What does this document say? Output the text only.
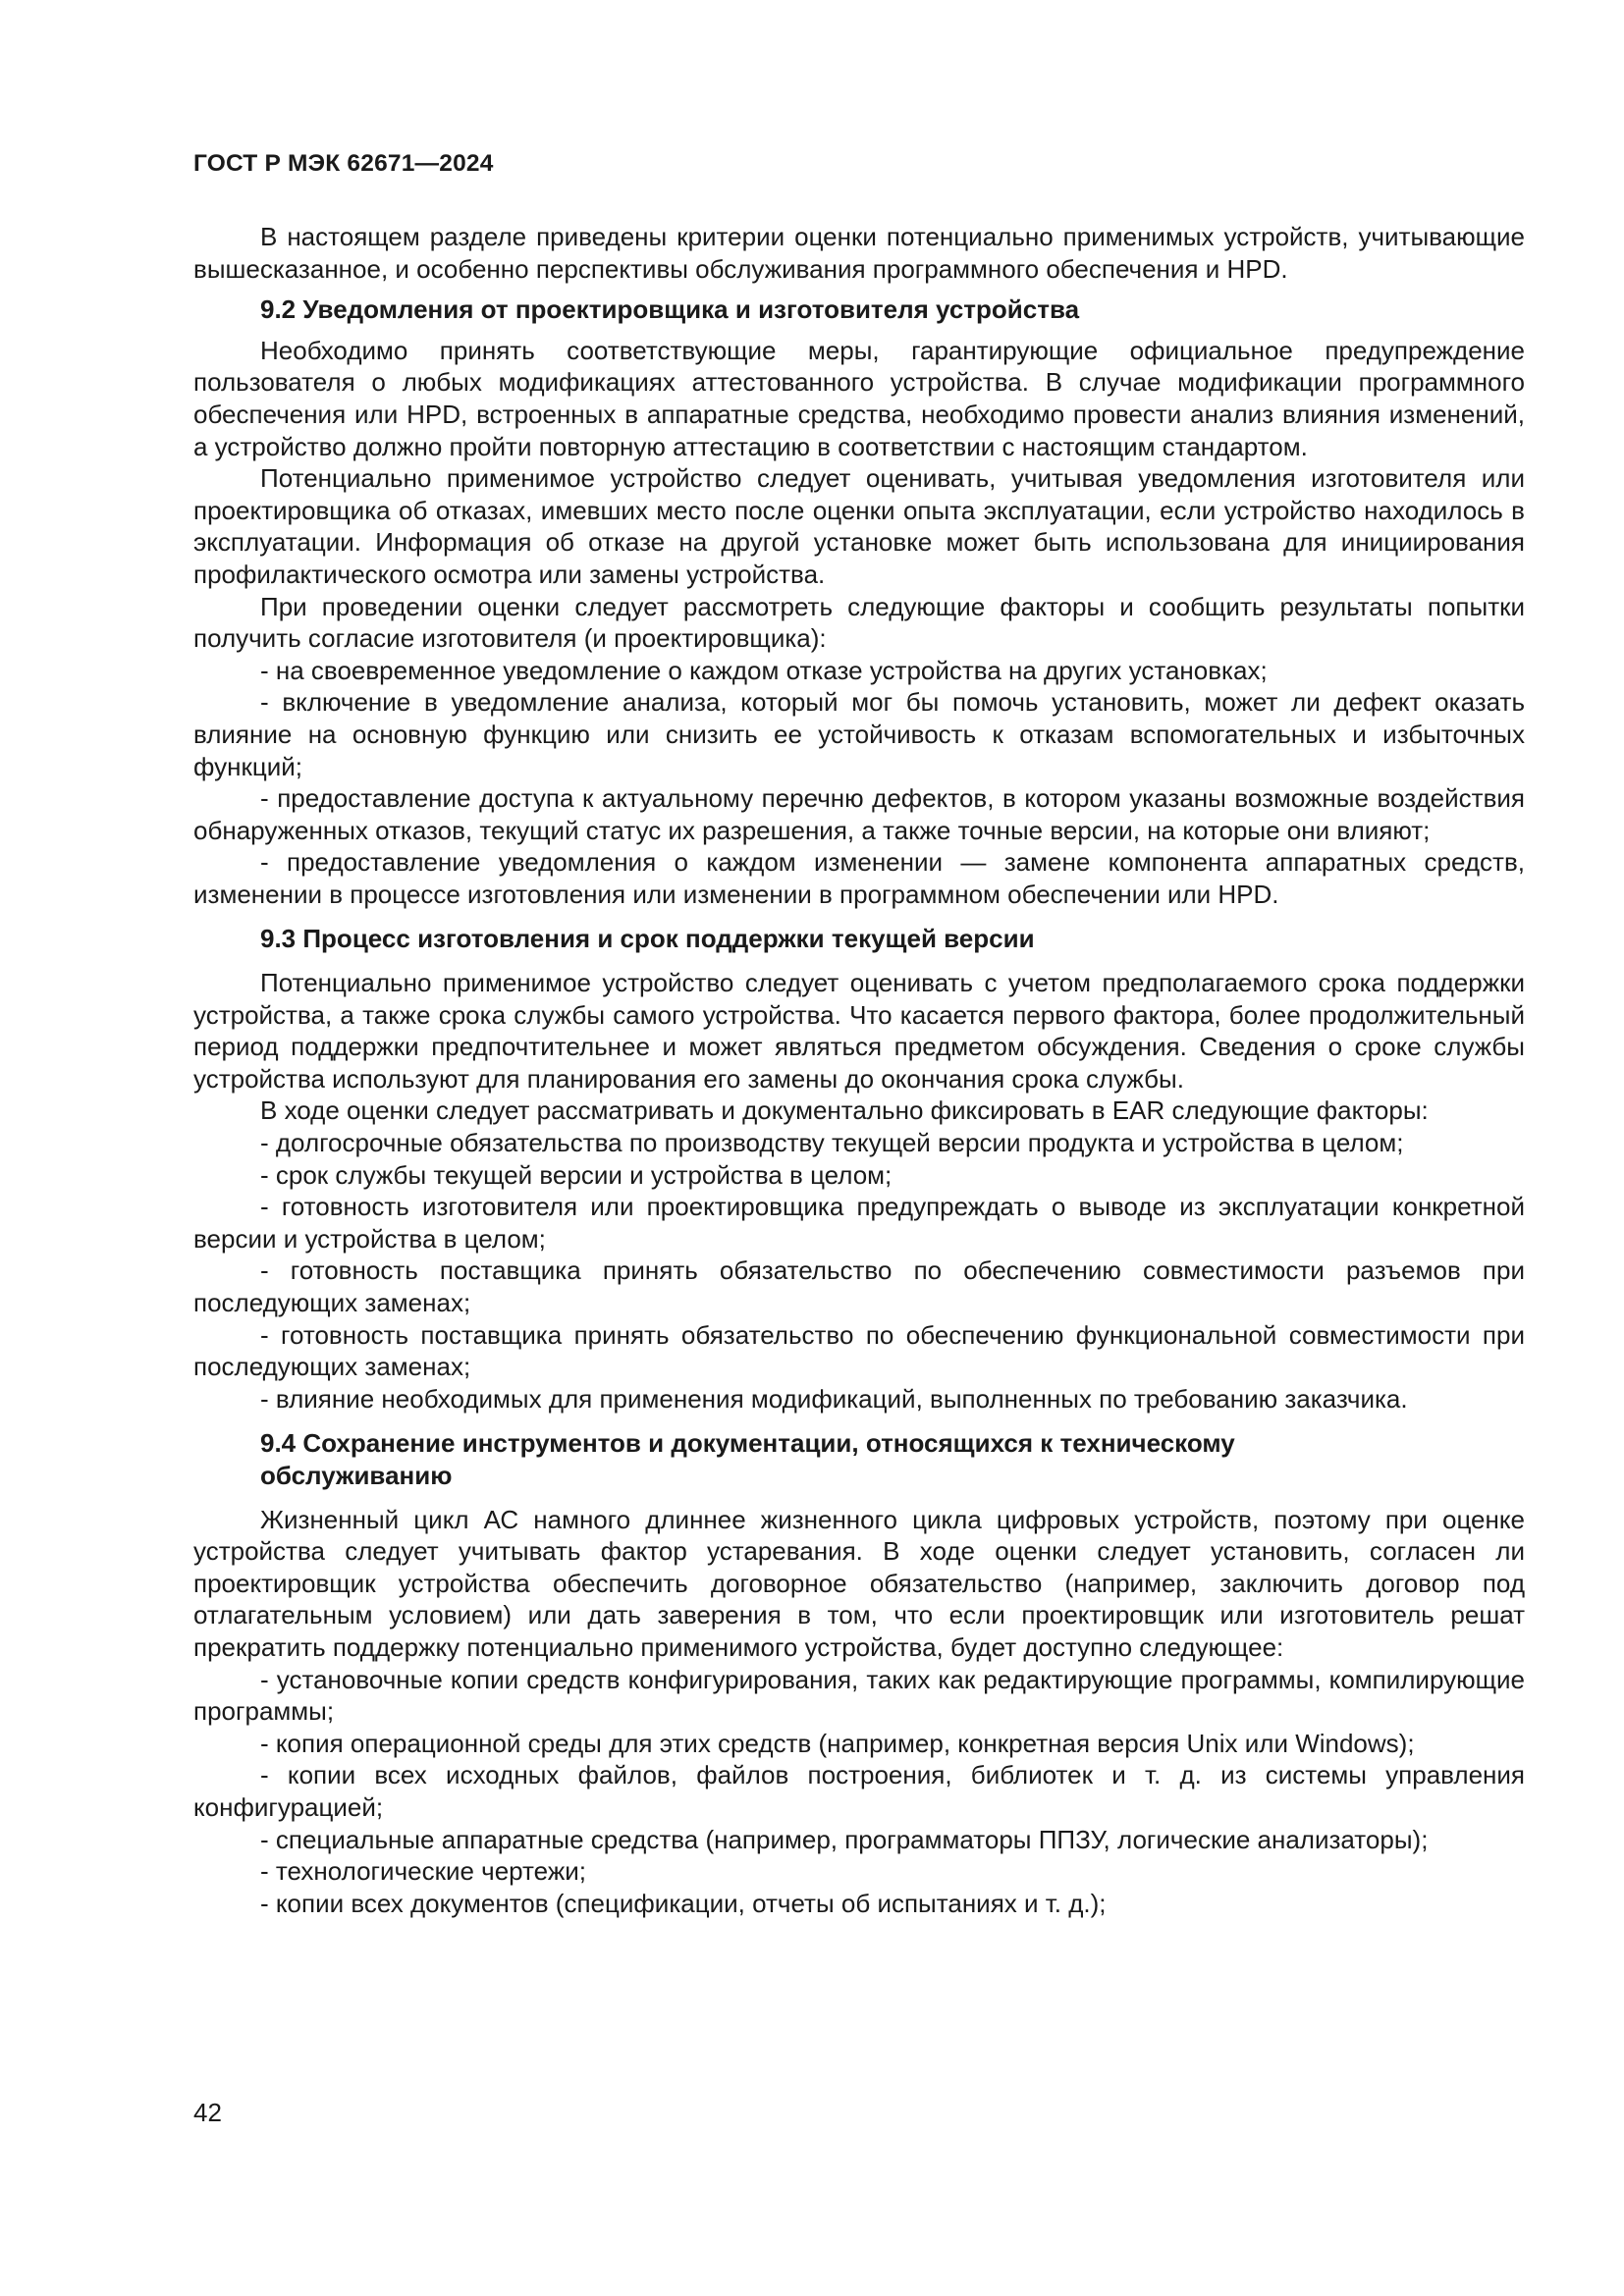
ГОСТ Р МЭК 62671—2024

В настоящем разделе приведены критерии оценки потенциально применимых устройств, учитывающие вышесказанное, и особенно перспективы обслуживания программного обеспечения и HPD.

9.2 Уведомления от проектировщика и изготовителя устройства

Необходимо принять соответствующие меры, гарантирующие официальное предупреждение пользователя о любых модификациях аттестованного устройства. В случае модификации программного обеспечения или HPD, встроенных в аппаратные средства, необходимо провести анализ влияния изменений, а устройство должно пройти повторную аттестацию в соответствии с настоящим стандартом.

Потенциально применимое устройство следует оценивать, учитывая уведомления изготовителя или проектировщика об отказах, имевших место после оценки опыта эксплуатации, если устройство находилось в эксплуатации. Информация об отказе на другой установке может быть использована для инициирования профилактического осмотра или замены устройства.

При проведении оценки следует рассмотреть следующие факторы и сообщить результаты попытки получить согласие изготовителя (и проектировщика):

- на своевременное уведомление о каждом отказе устройства на других установках;

- включение в уведомление анализа, который мог бы помочь установить, может ли дефект оказать влияние на основную функцию или снизить ее устойчивость к отказам вспомогательных и избыточных функций;

- предоставление доступа к актуальному перечню дефектов, в котором указаны возможные воздействия обнаруженных отказов, текущий статус их разрешения, а также точные версии, на которые они влияют;

- предоставление уведомления о каждом изменении — замене компонента аппаратных средств, изменении в процессе изготовления или изменении в программном обеспечении или HPD.

9.3 Процесс изготовления и срок поддержки текущей версии

Потенциально применимое устройство следует оценивать с учетом предполагаемого срока поддержки устройства, а также срока службы самого устройства. Что касается первого фактора, более продолжительный период поддержки предпочтительнее и может являться предметом обсуждения. Сведения о сроке службы устройства используют для планирования его замены до окончания срока службы.

В ходе оценки следует рассматривать и документально фиксировать в EAR следующие факторы:

- долгосрочные обязательства по производству текущей версии продукта и устройства в целом;

- срок службы текущей версии и устройства в целом;

- готовность изготовителя или проектировщика предупреждать о выводе из эксплуатации конкретной версии и устройства в целом;

- готовность поставщика принять обязательство по обеспечению совместимости разъемов при последующих заменах;

- готовность поставщика принять обязательство по обеспечению функциональной совместимости при последующих заменах;

- влияние необходимых для применения модификаций, выполненных по требованию заказчика.

9.4 Сохранение инструментов и документации, относящихся к техническому
обслуживанию

Жизненный цикл АС намного длиннее жизненного цикла цифровых устройств, поэтому при оценке устройства следует учитывать фактор устаревания. В ходе оценки следует установить, согласен ли проектировщик устройства обеспечить договорное обязательство (например, заключить договор под отлагательным условием) или дать заверения в том, что если проектировщик или изготовитель решат прекратить поддержку потенциально применимого устройства, будет доступно следующее:

- установочные копии средств конфигурирования, таких как редактирующие программы, компилирующие программы;

- копия операционной среды для этих средств (например, конкретная версия Unix или Windows);

- копии всех исходных файлов, файлов построения, библиотек и т. д. из системы управления конфигурацией;

- специальные аппаратные средства (например, программаторы ППЗУ, логические анализаторы);

- технологические чертежи;

- копии всех документов (спецификации, отчеты об испытаниях и т. д.);

42
